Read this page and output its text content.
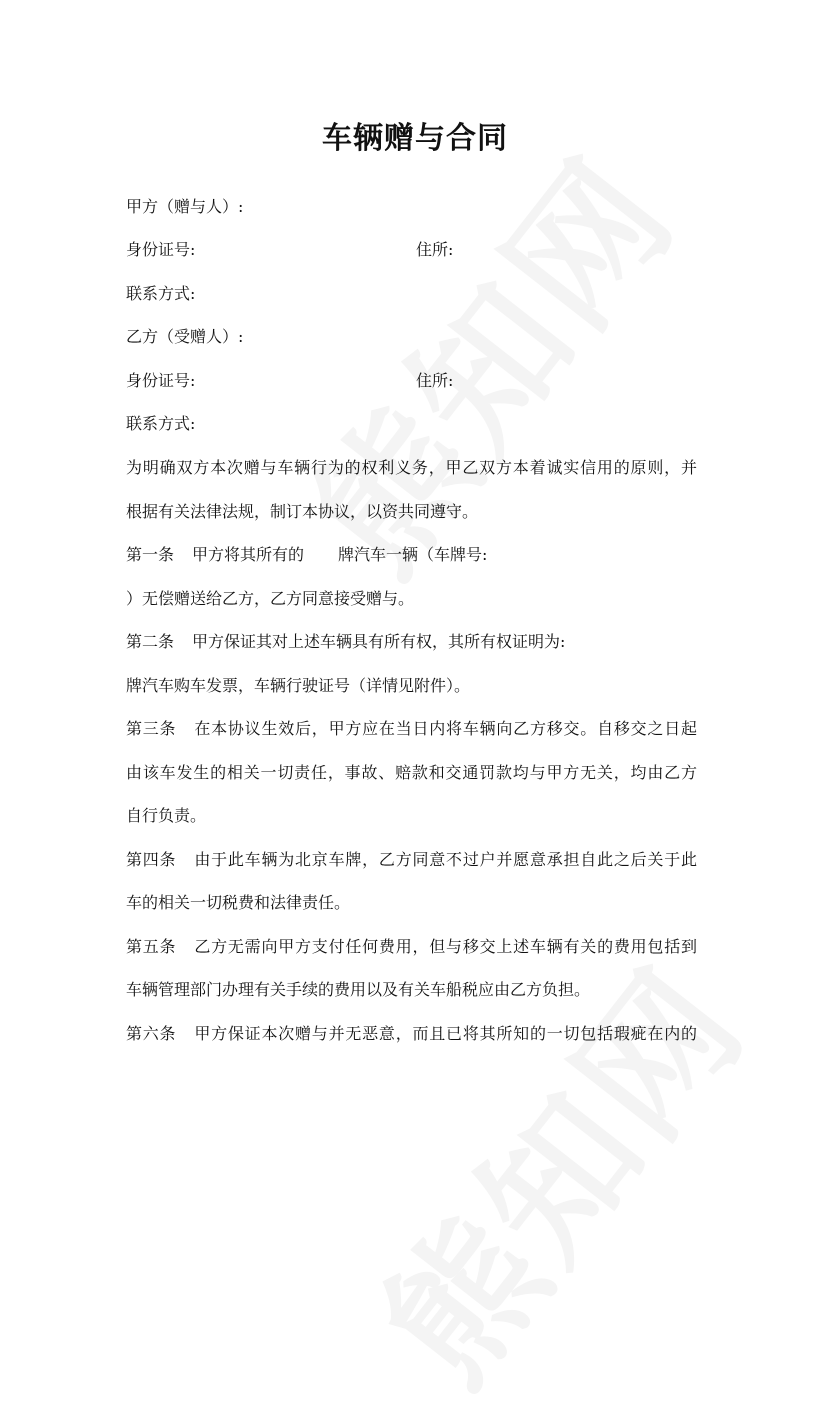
车辆赠与合同
甲方（赠与人）:
身份证号:	住所:
联系方式:
乙方（受赠人）:
身份证号:	住所:
联系方式:
为明确双方本次赠与车辆行为的权利义务，甲乙双方本着诚实信用的原则，并
根据有关法律法规，制订本协议，以资共同遵守。
第一条 甲方将其所有的 牌汽车一辆（车牌号:
）无偿赠送给乙方，乙方同意接受赠与。
第二条 甲方保证其对上述车辆具有所有权，其所有权证明为:
牌汽车购车发票，车辆行驶证号（详情见附件）。
第三条 在本协议生效后，甲方应在当日内将车辆向乙方移交。自移交之日起
由该车发生的相关一切责任，事故、赔款和交通罚款均与甲方无关，均由乙方
自行负责。
第四条 由于此车辆为北京车牌，乙方同意不过户并愿意承担自此之后关于此
车的相关一切税费和法律责任。
第五条 乙方无需向甲方支付任何费用，但与移交上述车辆有关的费用包括到
车辆管理部门办理有关手续的费用以及有关车船税应由乙方负担。
第六条 甲方保证本次赠与并无恶意，而且已将其所知的一切包括瑕疵在内的
